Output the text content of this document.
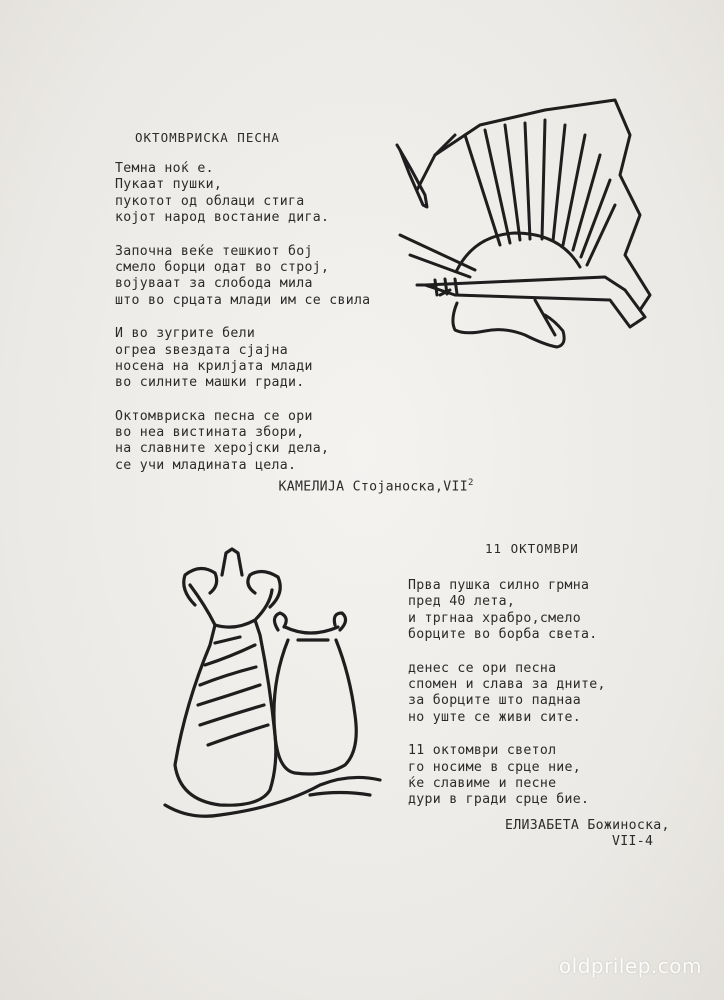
ОКТОМВРИСКА ПЕСНА
Темна ноќ е.
Пукаат пушки,
пукотот од облаци стига
којот народ востание дига.
Започна веќе тешкиот бој
смело борци одат во строј,
војуваат за слобода мила
што во срцата млади им се свила
И во зугрите бели
огреа ѕвездата сјајна
носена на крилјата млади
во силните машки гради.
Октомвриска песна се ори
во неа вистината збори,
на славните херојски дела,
се учи младината цела.

КАМЕЛИЈА Стојаноска,VII$^2$

11 ОКТОМВРИ
Прва пушка силно грмна
пред 40 лета,
и тргнаа храбро,смело
борците во борба света.
денес се ори песна
спомен и слава за дните,
за борците што паднаа
но уште се живи сите.
11 октомври светол
го носиме в срце ние,
ќе славиме и песне
дури в гради срце бие.
ЕЛИЗАБЕТА Божиноска,
VII-4
oldprilep.com
